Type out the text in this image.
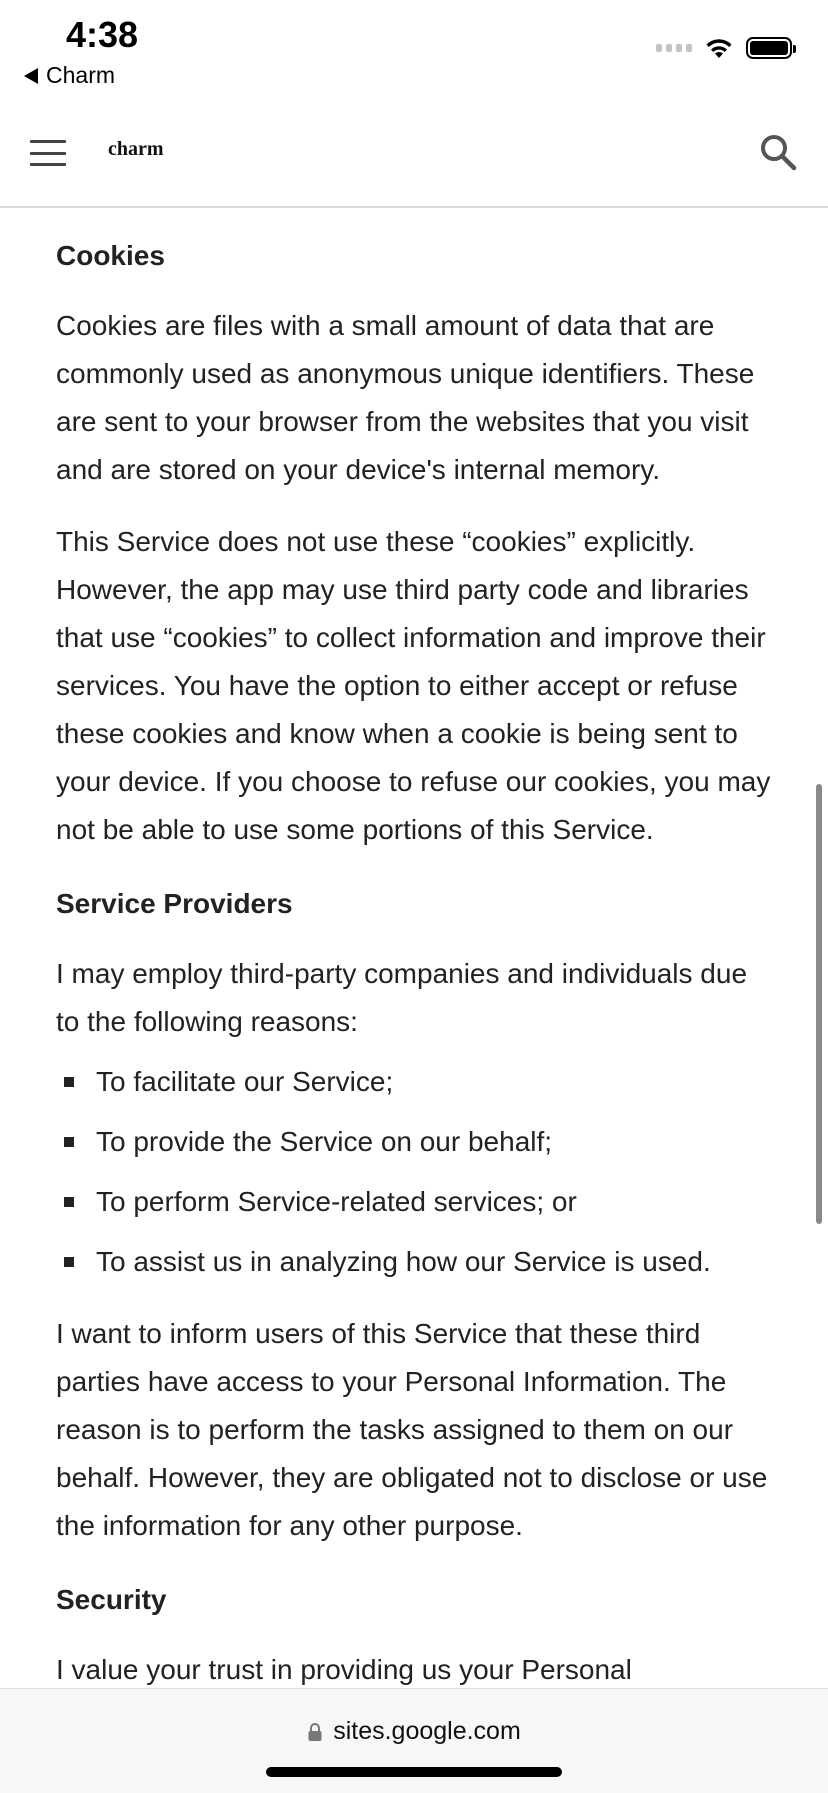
4:38
Charm
charm
Cookies

Cookies are files with a small amount of data that are commonly used as anonymous unique identifiers. These are sent to your browser from the websites that you visit and are stored on your device's internal memory.

This Service does not use these “cookies” explicitly. However, the app may use third party code and libraries that use “cookies” to collect information and improve their services. You have the option to either accept or refuse these cookies and know when a cookie is being sent to your device. If you choose to refuse our cookies, you may not be able to use some portions of this Service.

Service Providers

I may employ third-party companies and individuals due to the following reasons:

To facilitate our Service;
To provide the Service on our behalf;
To perform Service-related services; or
To assist us in analyzing how our Service is used.

I want to inform users of this Service that these third parties have access to your Personal Information. The reason is to perform the tasks assigned to them on our behalf. However, they are obligated not to disclose or use the information for any other purpose.

Security

I value your trust in providing us your Personal

sites.google.com
